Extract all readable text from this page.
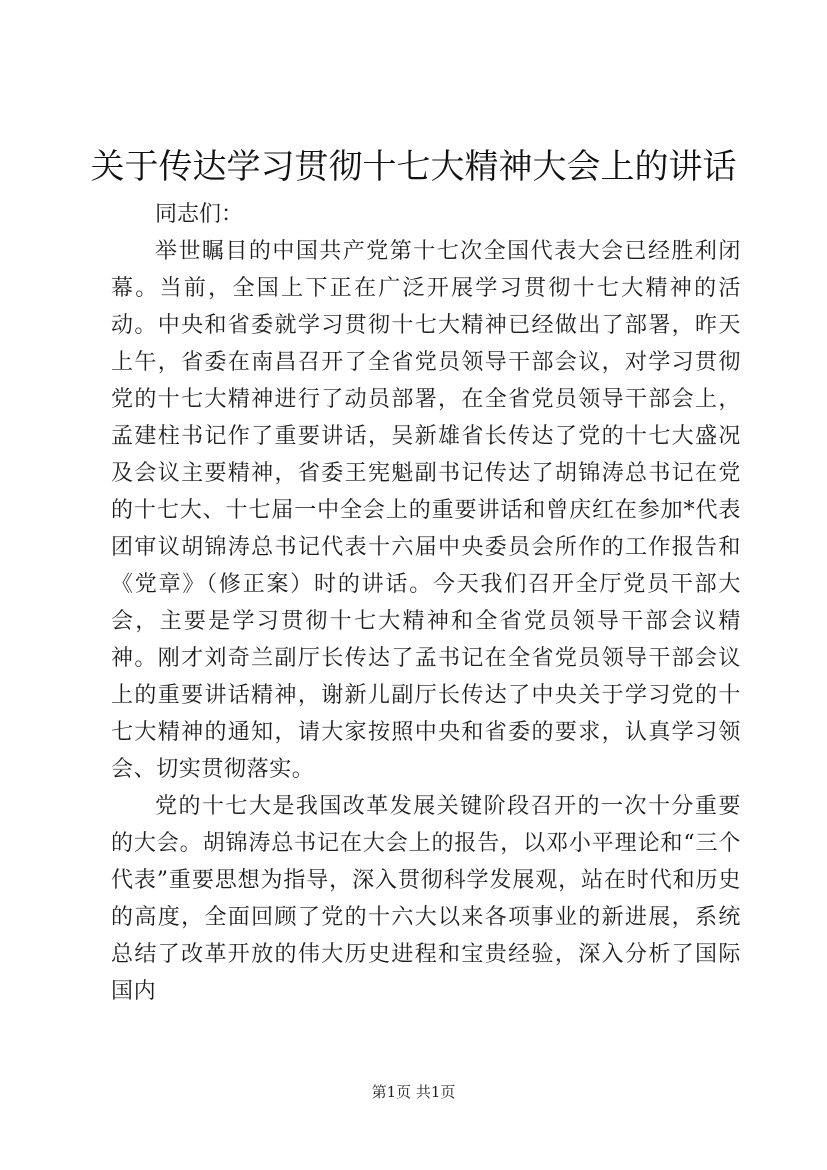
关于传达学习贯彻十七大精神大会上的讲话

同志们：

举世瞩目的中国共产党第十七次全国代表大会已经胜利闭幕。当前，全国上下正在广泛开展学习贯彻十七大精神的活动。中央和省委就学习贯彻十七大精神已经做出了部署，昨天上午，省委在南昌召开了全省党员领导干部会议，对学习贯彻党的十七大精神进行了动员部署，在全省党员领导干部会上，孟建柱书记作了重要讲话，吴新雄省长传达了党的十七大盛况及会议主要精神，省委王宪魁副书记传达了胡锦涛总书记在党的十七大、十七届一中全会上的重要讲话和曾庆红在参加*代表团审议胡锦涛总书记代表十六届中央委员会所作的工作报告和《党章》（修正案）时的讲话。今天我们召开全厅党员干部大会，主要是学习贯彻十七大精神和全省党员领导干部会议精神。刚才刘奇兰副厅长传达了孟书记在全省党员领导干部会议上的重要讲话精神，谢新儿副厅长传达了中央关于学习党的十七大精神的通知，请大家按照中央和省委的要求，认真学习领会、切实贯彻落实。

党的十七大是我国改革发展关键阶段召开的一次十分重要的大会。胡锦涛总书记在大会上的报告，以邓小平理论和“三个代表”重要思想为指导，深入贯彻科学发展观，站在时代和历史的高度，全面回顾了党的十六大以来各项事业的新进展，系统总结了改革开放的伟大历史进程和宝贵经验，深入分析了国际国内

第1页 共1页
